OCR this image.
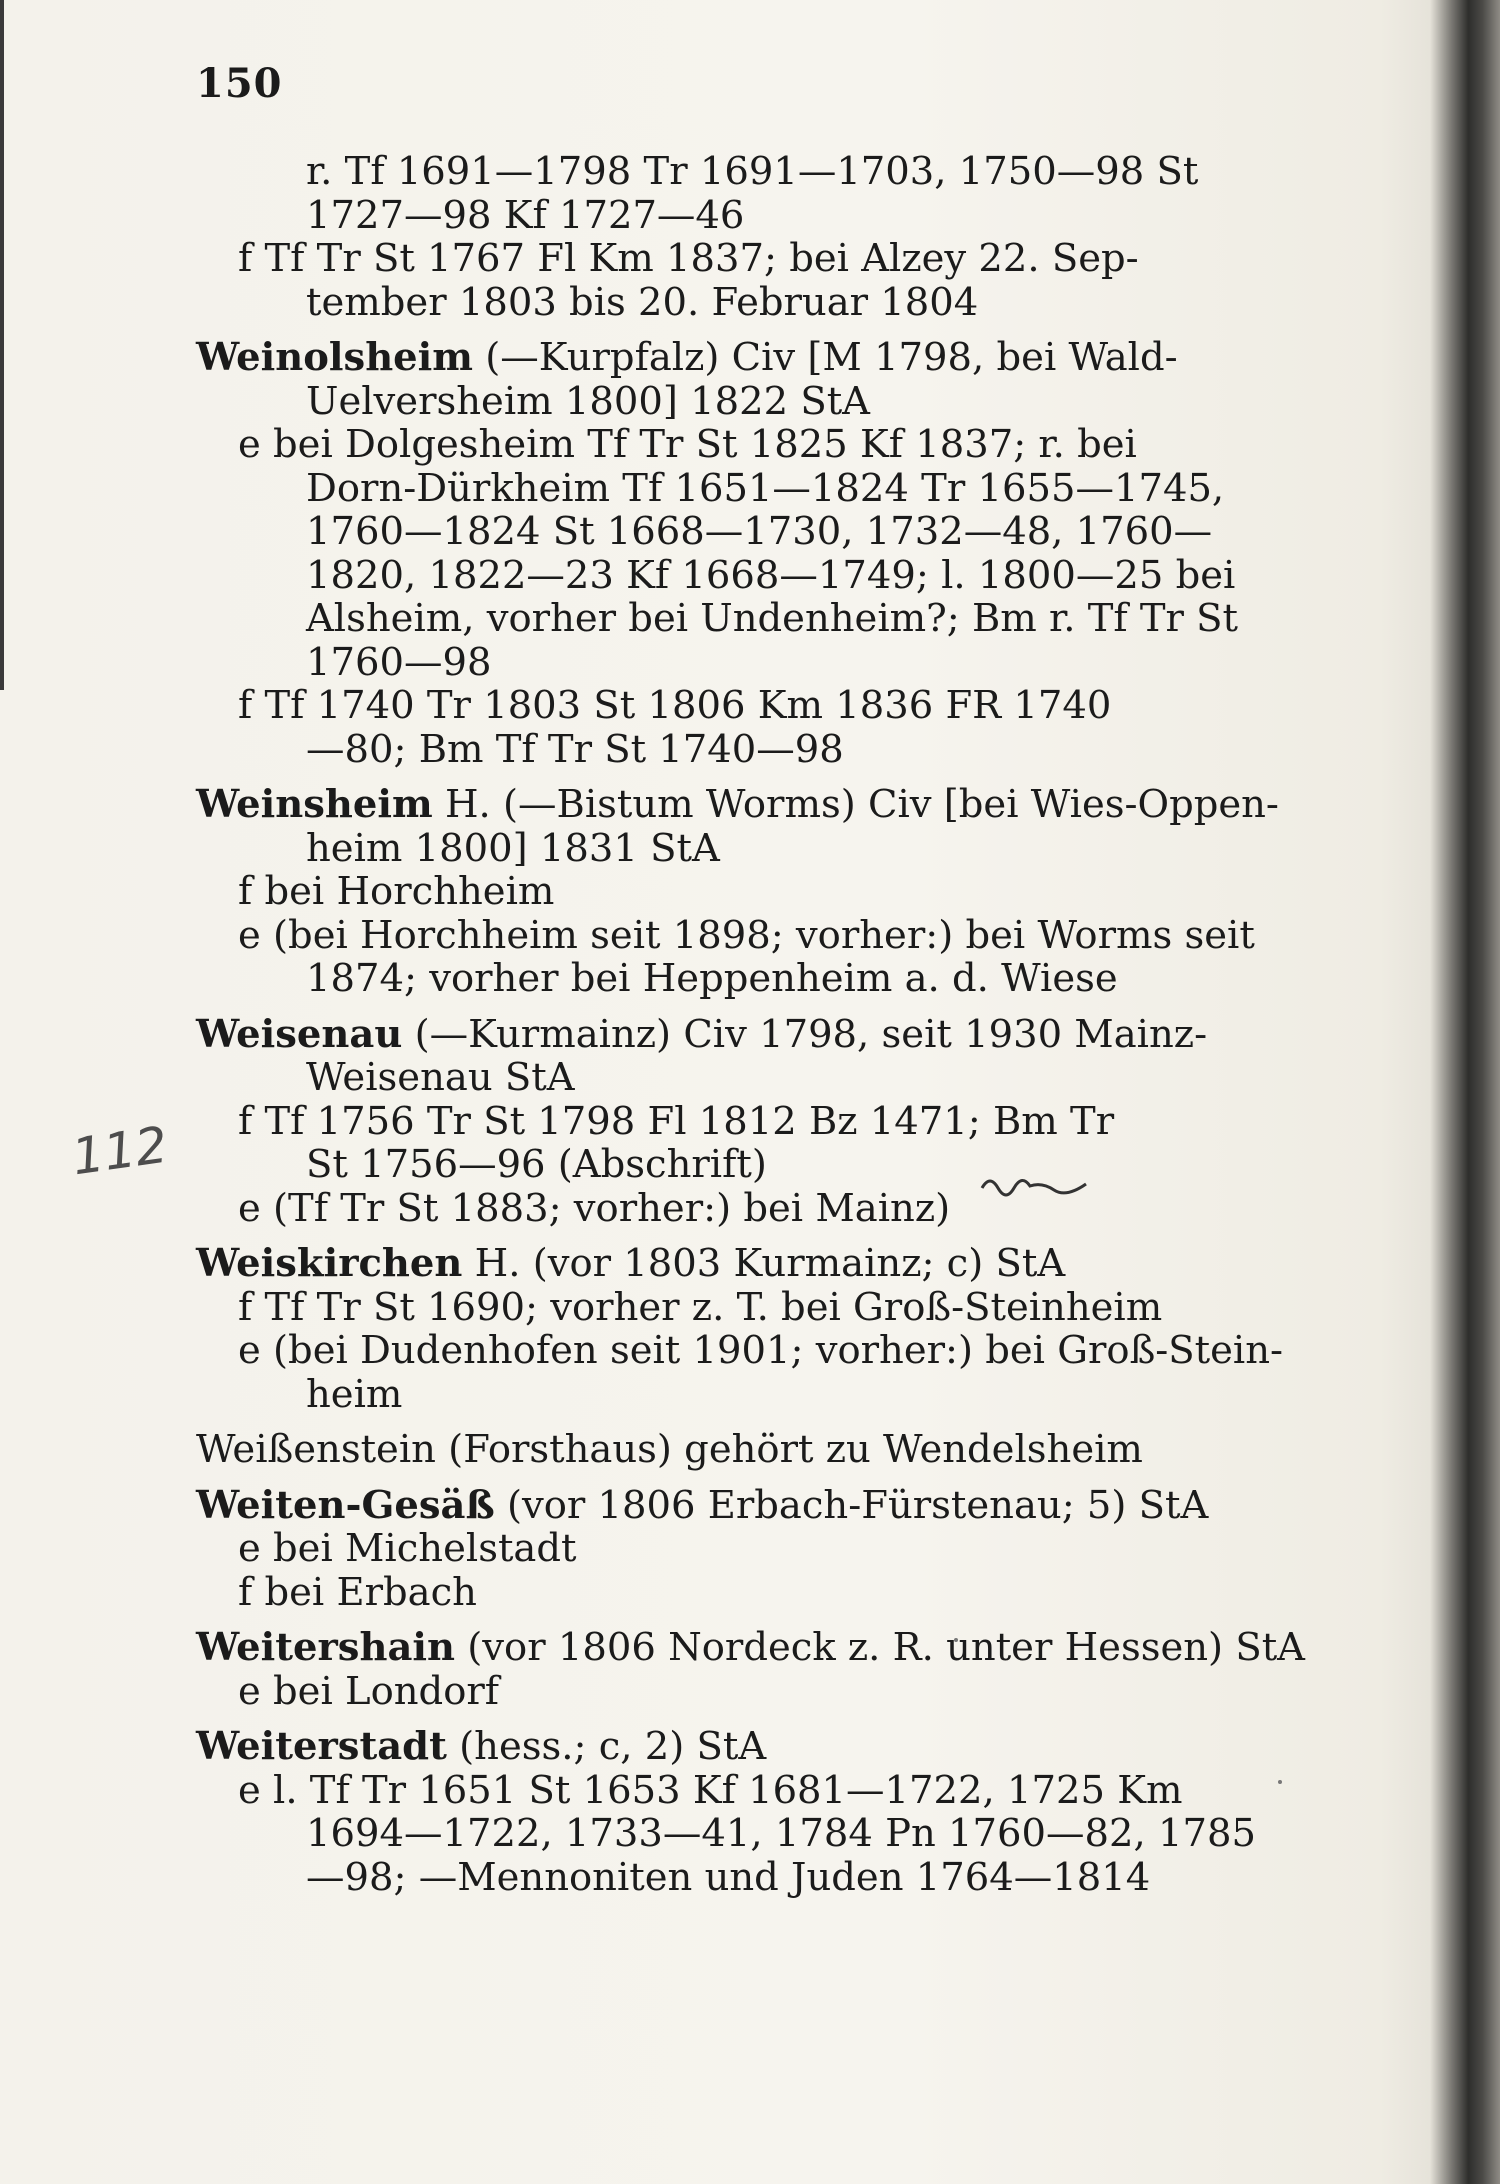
150
112
r. Tf 1691—1798 Tr 1691—1703, 1750—98 St
1727—98 Kf 1727—46
f Tf Tr St 1767 Fl Km 1837; bei Alzey 22. Sep-
tember 1803 bis 20. Februar 1804
Weinolsheim (—Kurpfalz) Civ [M 1798, bei Wald-
Uelversheim 1800] 1822 StA
e bei Dolgesheim Tf Tr St 1825 Kf 1837; r. bei
Dorn-Dürkheim Tf 1651—1824 Tr 1655—1745,
1760—1824 St 1668—1730, 1732—48, 1760—
1820, 1822—23 Kf 1668—1749; l. 1800—25 bei
Alsheim, vorher bei Undenheim?; Bm r. Tf Tr St
1760—98
f Tf 1740 Tr 1803 St 1806 Km 1836 FR 1740
—80; Bm Tf Tr St 1740—98
Weinsheim H. (—Bistum Worms) Civ [bei Wies-Oppen-
heim 1800] 1831 StA
f bei Horchheim
e (bei Horchheim seit 1898; vorher:) bei Worms seit
1874; vorher bei Heppenheim a. d. Wiese
Weisenau (—Kurmainz) Civ 1798, seit 1930 Mainz-
Weisenau StA
f Tf 1756 Tr St 1798 Fl 1812 Bz 1471; Bm Tr
St 1756—96 (Abschrift)
e (Tf Tr St 1883; vorher:) bei Mainz)
Weiskirchen H. (vor 1803 Kurmainz; c) StA
f Tf Tr St 1690; vorher z. T. bei Groß-Steinheim
e (bei Dudenhofen seit 1901; vorher:) bei Groß-Stein-
heim
Weißenstein (Forsthaus) gehört zu Wendelsheim
Weiten-Gesäß (vor 1806 Erbach-Fürstenau; 5) StA
e bei Michelstadt
f bei Erbach
Weitershain (vor 1806 Nordeck z. R. unter Hessen) StA
e bei Londorf
Weiterstadt (hess.; c, 2) StA
e l. Tf Tr 1651 St 1653 Kf 1681—1722, 1725 Km
1694—1722, 1733—41, 1784 Pn 1760—82, 1785
—98; —Mennoniten und Juden 1764—1814
